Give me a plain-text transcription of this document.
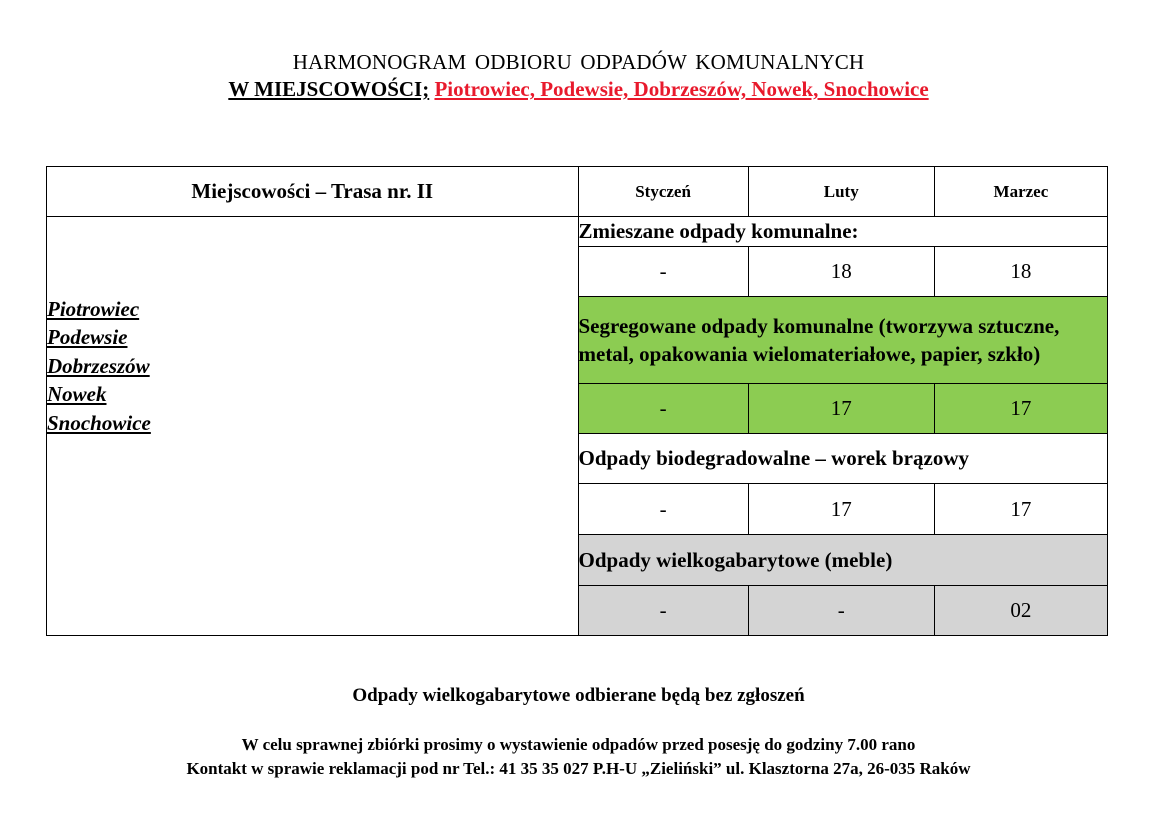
HARMONOGRAM ODBIORU ODPADÓW KOMUNALNYCH
W MIEJSCOWOŚCI; Piotrowiec, Podewsie, Dobrzeszów, Nowek, Snochowice
Miejscowości – Trasa nr. II	Styczeń	Luty	Marzec

Piotrowiec
Podewsie
Dobrzeszów
Nowek
Snochowice	Zmieszane odpady komunalne:		
	-	18	18
	Segregowane odpady komunalne (tworzywa sztuczne, metal, opakowania wielomateriałowe, papier, szkło)		
	-	17	17
	Odpady biodegradowalne – worek brązowy		
	-	17	17
	Odpady wielkogabarytowe (meble)		
	-	-	02
Odpady wielkogabarytowe odbierane będą bez zgłoszeń
W celu sprawnej zbiórki prosimy o wystawienie odpadów przed posesję do godziny 7.00 rano
Kontakt w sprawie reklamacji pod nr Tel.: 41 35 35 027 P.H-U „Zieliński” ul. Klasztorna 27a, 26-035 Raków
